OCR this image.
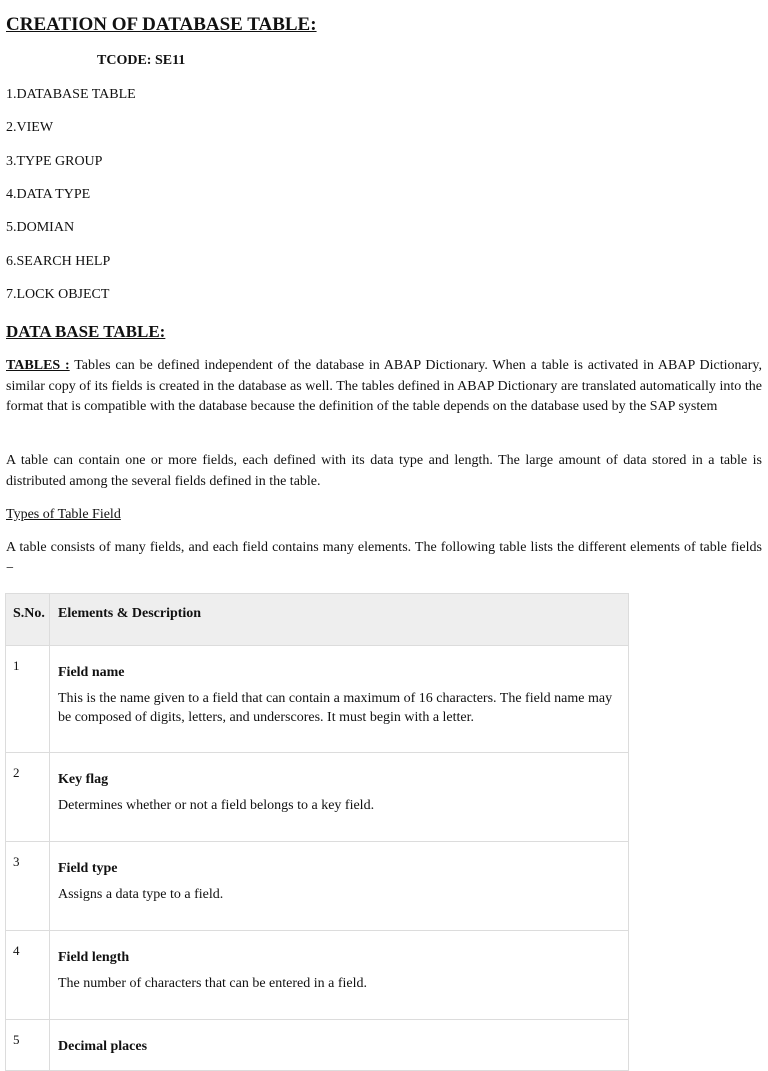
CREATION OF DATABASE TABLE:

TCODE: SE11

1.DATABASE TABLE

2.VIEW

3.TYPE GROUP

4.DATA TYPE

5.DOMIAN

6.SEARCH HELP

7.LOCK OBJECT

DATA BASE TABLE:

TABLES : Tables can be defined independent of the database in ABAP Dictionary. When a table is activated in ABAP Dictionary, similar copy of its fields is created in the database as well. The tables defined in ABAP Dictionary are translated automatically into the format that is compatible with the database because the definition of the table depends on the database used by the SAP system

A table can contain one or more fields, each defined with its data type and length. The large amount of data stored in a table is distributed among the several fields defined in the table.

Types of Table Field

A table consists of many fields, and each field contains many elements. The following table lists the different elements of table fields −

S.No.	Elements & Description
1	Field name
This is the name given to a field that can contain a maximum of 16 characters. The field name may be composed of digits, letters, and underscores. It must begin with a letter.

2	Key flag
Determines whether or not a field belongs to a key field.

3	Field type
Assigns a data type to a field.

4	Field length
The number of characters that can be entered in a field.

5	Decimal places
